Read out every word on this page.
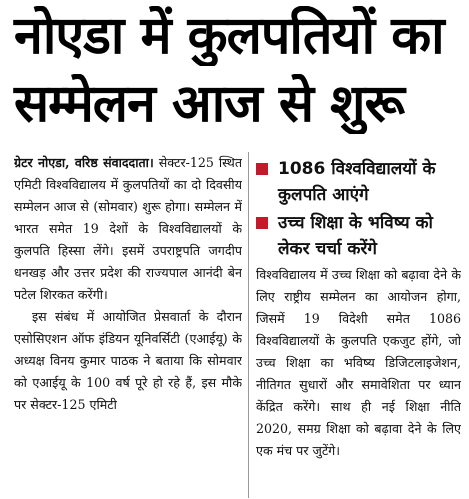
नोएडा में कुलपतियों का
सम्मेलन आज से शुरू

ग्रेटर नोएडा, वरिष्ठ संवाददाता। सेक्टर-125 स्थित एमिटी विश्वविद्यालय में कुलपतियों का दो दिवसीय सम्मेलन आज से (सोमवार) शुरू होगा। सम्मेलन में भारत समेत 19 देशों के विश्वविद्यालयों के कुलपति हिस्सा लेंगे। इसमें उपराष्ट्रपति जगदीप धनखड़ और उत्तर प्रदेश की राज्यपाल आनंदी बेन पटेल शिरकत करेंगी।

इस संबंध में आयोजित प्रेसवार्ता के दौरान एसोसिएशन ऑफ इंडियन यूनिवर्सिटी (एआईयू) के अध्यक्ष विनय कुमार पाठक ने बताया कि सोमवार को एआईयू के 100 वर्ष पूरे हो रहे हैं, इस मौके पर सेक्टर-125 एमिटी

1086 विश्वविद्यालयों के कुलपति आएंगे
उच्च शिक्षा के भविष्य को लेकर चर्चा करेंगे

विश्वविद्यालय में उच्च शिक्षा को बढ़ावा देने के लिए राष्ट्रीय सम्मेलन का आयोजन होगा, जिसमें 19 विदेशी समेत 1086 विश्वविद्यालयों के कुलपति एकजुट होंगे, जो उच्च शिक्षा का भविष्य डिजिटलाइजेशन, नीतिगत सुधारों और समावेशिता पर ध्यान केंद्रित करेंगे। साथ ही नई शिक्षा नीति 2020, समग्र शिक्षा को बढ़ावा देने के लिए एक मंच पर जुटेंगे।
